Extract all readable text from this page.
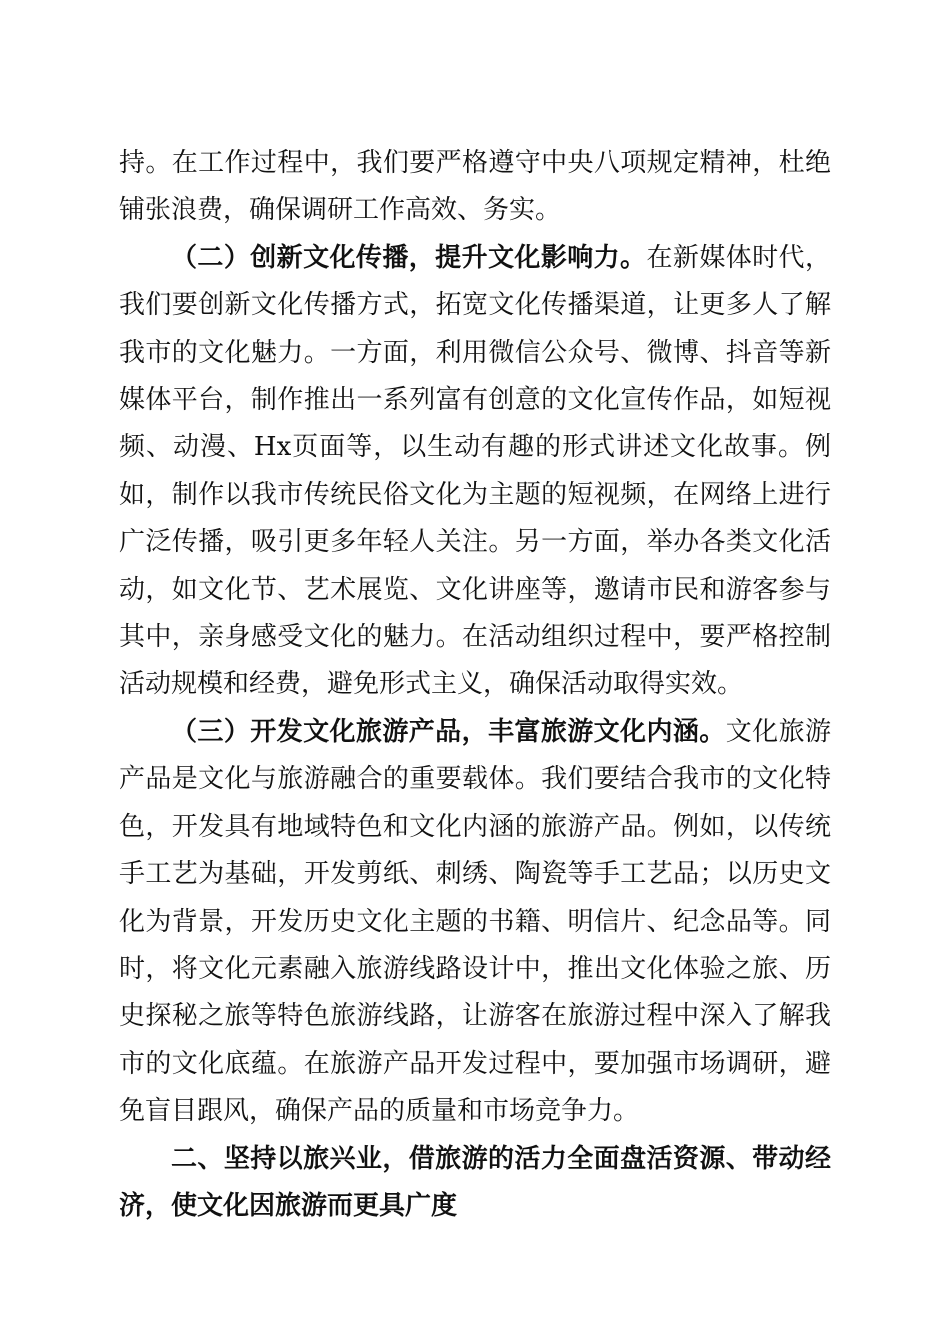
持。在工作过程中，我们要严格遵守中央八项规定精神，杜绝铺张浪费，确保调研工作高效、务实。

（二）创新文化传播，提升文化影响力。在新媒体时代，我们要创新文化传播方式，拓宽文化传播渠道，让更多人了解我市的文化魅力。一方面，利用微信公众号、微博、抖音等新媒体平台，制作推出一系列富有创意的文化宣传作品，如短视频、动漫、Hx页面等，以生动有趣的形式讲述文化故事。例如，制作以我市传统民俗文化为主题的短视频，在网络上进行广泛传播，吸引更多年轻人关注。另一方面，举办各类文化活动，如文化节、艺术展览、文化讲座等，邀请市民和游客参与其中，亲身感受文化的魅力。在活动组织过程中，要严格控制活动规模和经费，避免形式主义，确保活动取得实效。

（三）开发文化旅游产品，丰富旅游文化内涵。文化旅游产品是文化与旅游融合的重要载体。我们要结合我市的文化特色，开发具有地域特色和文化内涵的旅游产品。例如，以传统手工艺为基础，开发剪纸、刺绣、陶瓷等手工艺品；以历史文化为背景，开发历史文化主题的书籍、明信片、纪念品等。同时，将文化元素融入旅游线路设计中，推出文化体验之旅、历史探秘之旅等特色旅游线路，让游客在旅游过程中深入了解我市的文化底蕴。在旅游产品开发过程中，要加强市场调研，避免盲目跟风，确保产品的质量和市场竞争力。

二、坚持以旅兴业，借旅游的活力全面盘活资源、带动经济，使文化因旅游而更具广度
